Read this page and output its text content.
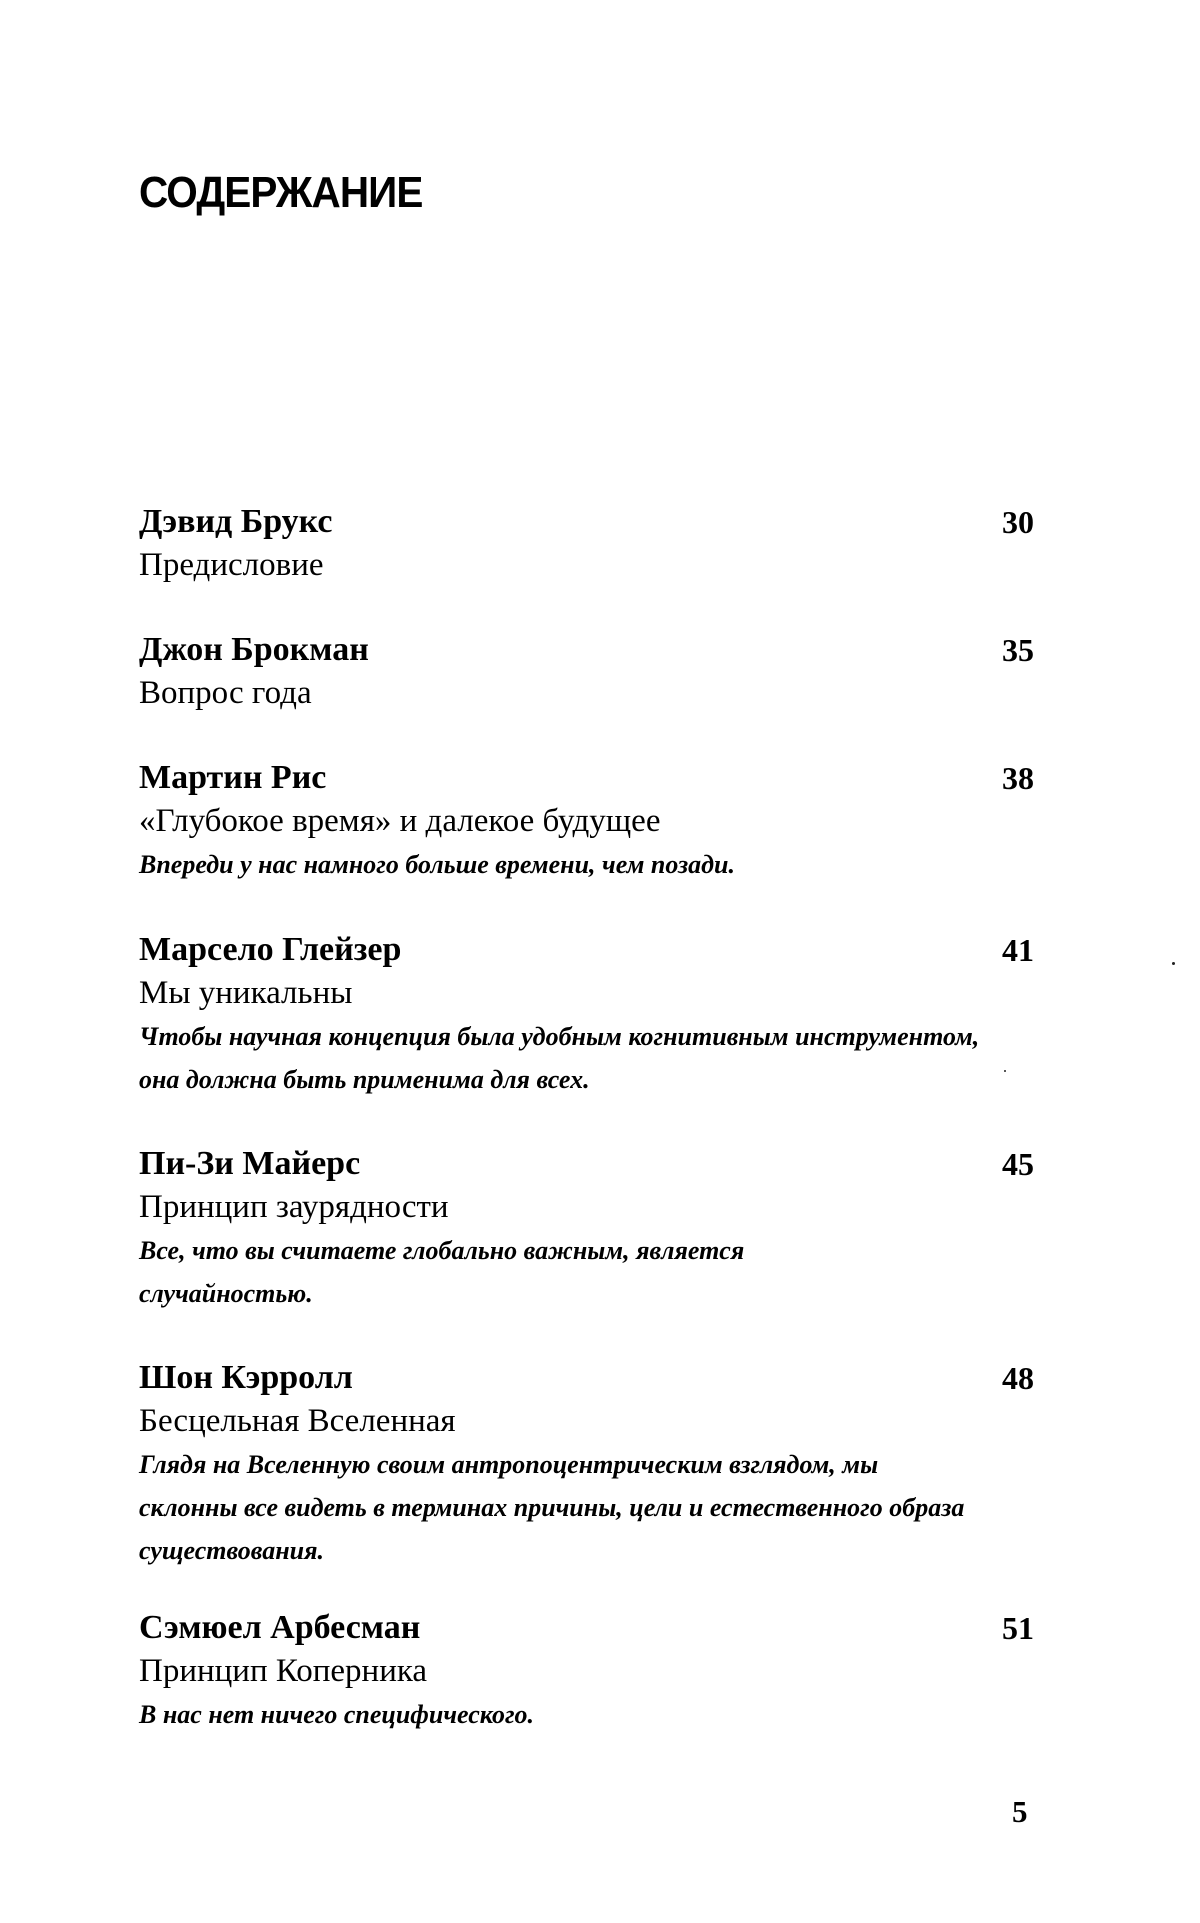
СОДЕРЖАНИЕ
Дэвид Брукс	30
Предисловие
Джон Брокман	35
Вопрос года
Мартин Рис	38
«Глубокое время» и далекое будущее
Впереди у нас намного больше времени, чем позади.
Марсело Глейзер	41
Мы уникальны
Чтобы научная концепция была удобным когнитивным инструментом, она должна быть применима для всех.
Пи-Зи Майерс	45
Принцип заурядности
Все, что вы считаете глобально важным, является случайностью.
Шон Кэрролл	48
Бесцельная Вселенная
Глядя на Вселенную своим антропоцентрическим взглядом, мы склонны все видеть в терминах причины, цели и естественного образа существования.
Сэмюел Арбесман	51
Принцип Коперника
В нас нет ничего специфического.
5
